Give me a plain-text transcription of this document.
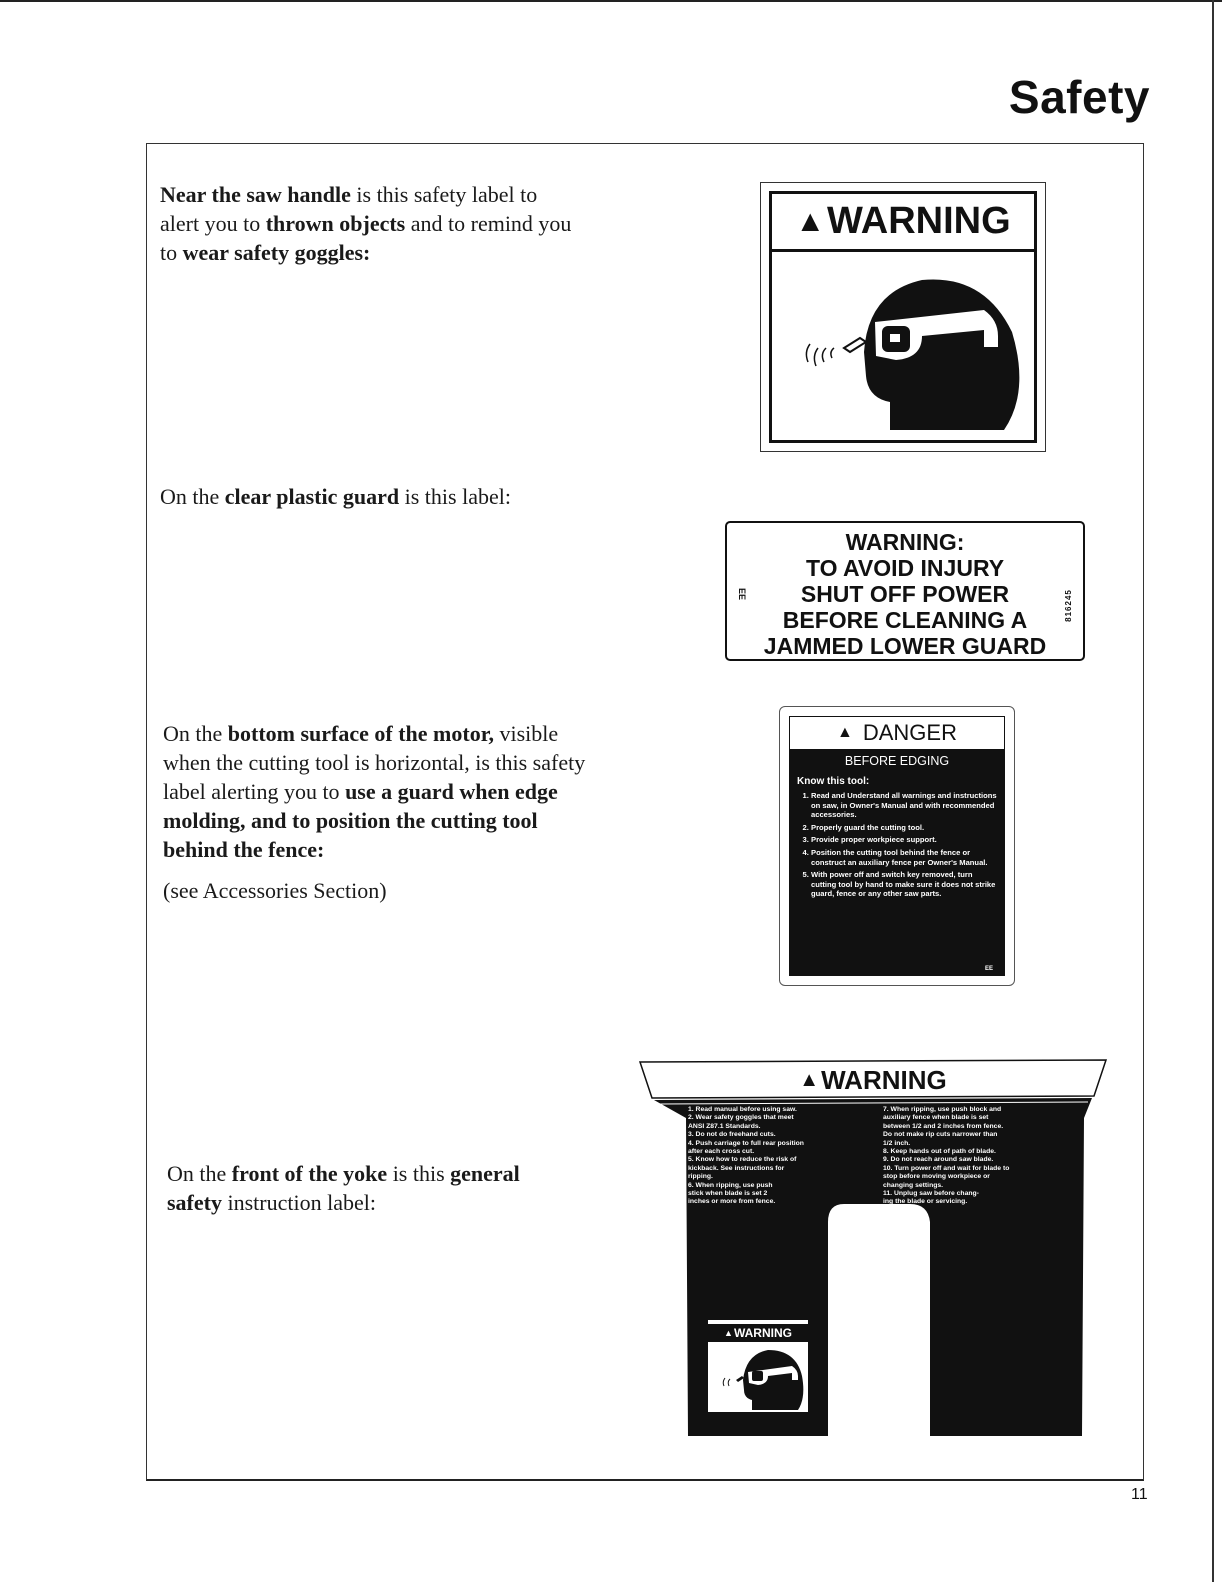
Safety

Near the saw handle is this safety label to alert you to thrown objects and to remind you to wear safety goggles:

▲ WARNING

On the clear plastic guard is this label:

WARNING:
TO AVOID INJURY
SHUT OFF POWER
BEFORE CLEANING A
JAMMED LOWER GUARD
EE	816245

On the bottom surface of the motor, visible when the cutting tool is horizontal, is this safety label alerting you to use a guard when edge molding, and to position the cutting tool behind the fence:

(see Accessories Section)

▲ DANGER
BEFORE EDGING
Know this tool:
1. Read and Understand all warnings and instructions on saw, in Owner's Manual and with recommended accessories.
2. Properly guard the cutting tool.
3. Provide proper workpiece support.
4. Position the cutting tool behind the fence or construct an auxiliary fence per Owner's Manual.
5. With power off and switch key removed, turn cutting tool by hand to make sure it does not strike guard, fence or any other saw parts.
EE

On the front of the yoke is this general safety instruction label:

▲ WARNING
1. Read manual before using saw.
2. Wear safety goggles that meet
ANSI Z87.1 Standards.
3. Do not do freehand cuts.
4. Push carriage to full rear position
after each cross cut.
5. Know how to reduce the risk of
kickback. See instructions for
ripping.
6. When ripping, use push
stick when blade is set 2
inches or more from fence.
7. When ripping, use push block and
auxiliary fence when blade is set
between 1/2 and 2 inches from fence.
Do not make rip cuts narrower than
1/2 inch.
8. Keep hands out of path of blade.
9. Do not reach around saw blade.
10. Turn power off and wait for blade to
stop before moving workpiece or
changing settings.
11. Unplug saw before chang-
ing the blade or servicing.
▲ WARNING

11
